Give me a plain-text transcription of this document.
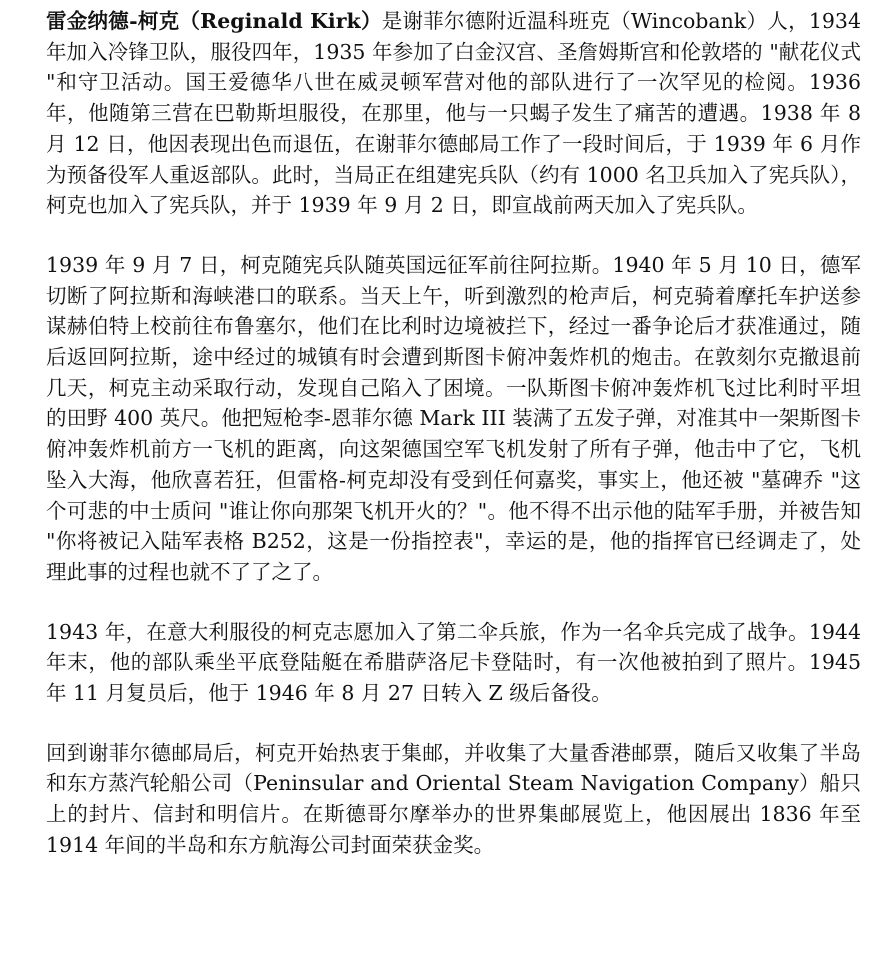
雷金纳德-柯克（Reginald Kirk）是谢菲尔德附近温科班克（Wincobank）人，1934 年加入冷锋卫队，服役四年，1935 年参加了白金汉宫、圣詹姆斯宫和伦敦塔的 "献花仪式 "和守卫活动。国王爱德华八世在威灵顿军营对他的部队进行了一次罕见的检阅。1936 年，他随第三营在巴勒斯坦服役，在那里，他与一只蝎子发生了痛苦的遭遇。1938 年 8 月 12 日，他因表现出色而退伍，在谢菲尔德邮局工作了一段时间后，于 1939 年 6 月作为预备役军人重返部队。此时，当局正在组建宪兵队（约有 1000 名卫兵加入了宪兵队），柯克也加入了宪兵队，并于 1939 年 9 月 2 日，即宣战前两天加入了宪兵队。

1939 年 9 月 7 日，柯克随宪兵队随英国远征军前往阿拉斯。1940 年 5 月 10 日，德军切断了阿拉斯和海峡港口的联系。当天上午，听到激烈的枪声后，柯克骑着摩托车护送参谋赫伯特上校前往布鲁塞尔，他们在比利时边境被拦下，经过一番争论后才获准通过，随后返回阿拉斯，途中经过的城镇有时会遭到斯图卡俯冲轰炸机的炮击。在敦刻尔克撤退前几天，柯克主动采取行动，发现自己陷入了困境。一队斯图卡俯冲轰炸机飞过比利时平坦的田野 400 英尺。他把短枪李-恩菲尔德 Mark III 装满了五发子弹，对准其中一架斯图卡俯冲轰炸机前方一飞机的距离，向这架德国空军飞机发射了所有子弹，他击中了它，飞机坠入大海，他欣喜若狂，但雷格-柯克却没有受到任何嘉奖，事实上，他还被 "墓碑乔 "这个可悲的中士质问 "谁让你向那架飞机开火的？"。他不得不出示他的陆军手册，并被告知 "你将被记入陆军表格 B252，这是一份指控表"，幸运的是，他的指挥官已经调走了，处理此事的过程也就不了了之了。

1943 年，在意大利服役的柯克志愿加入了第二伞兵旅，作为一名伞兵完成了战争。1944 年末，他的部队乘坐平底登陆艇在希腊萨洛尼卡登陆时，有一次他被拍到了照片。1945 年 11 月复员后，他于 1946 年 8 月 27 日转入 Z 级后备役。

回到谢菲尔德邮局后，柯克开始热衷于集邮，并收集了大量香港邮票，随后又收集了半岛和东方蒸汽轮船公司（Peninsular and Oriental Steam Navigation Company）船只上的封片、信封和明信片。在斯德哥尔摩举办的世界集邮展览上，他因展出 1836 年至 1914 年间的半岛和东方航海公司封面荣获金奖。
